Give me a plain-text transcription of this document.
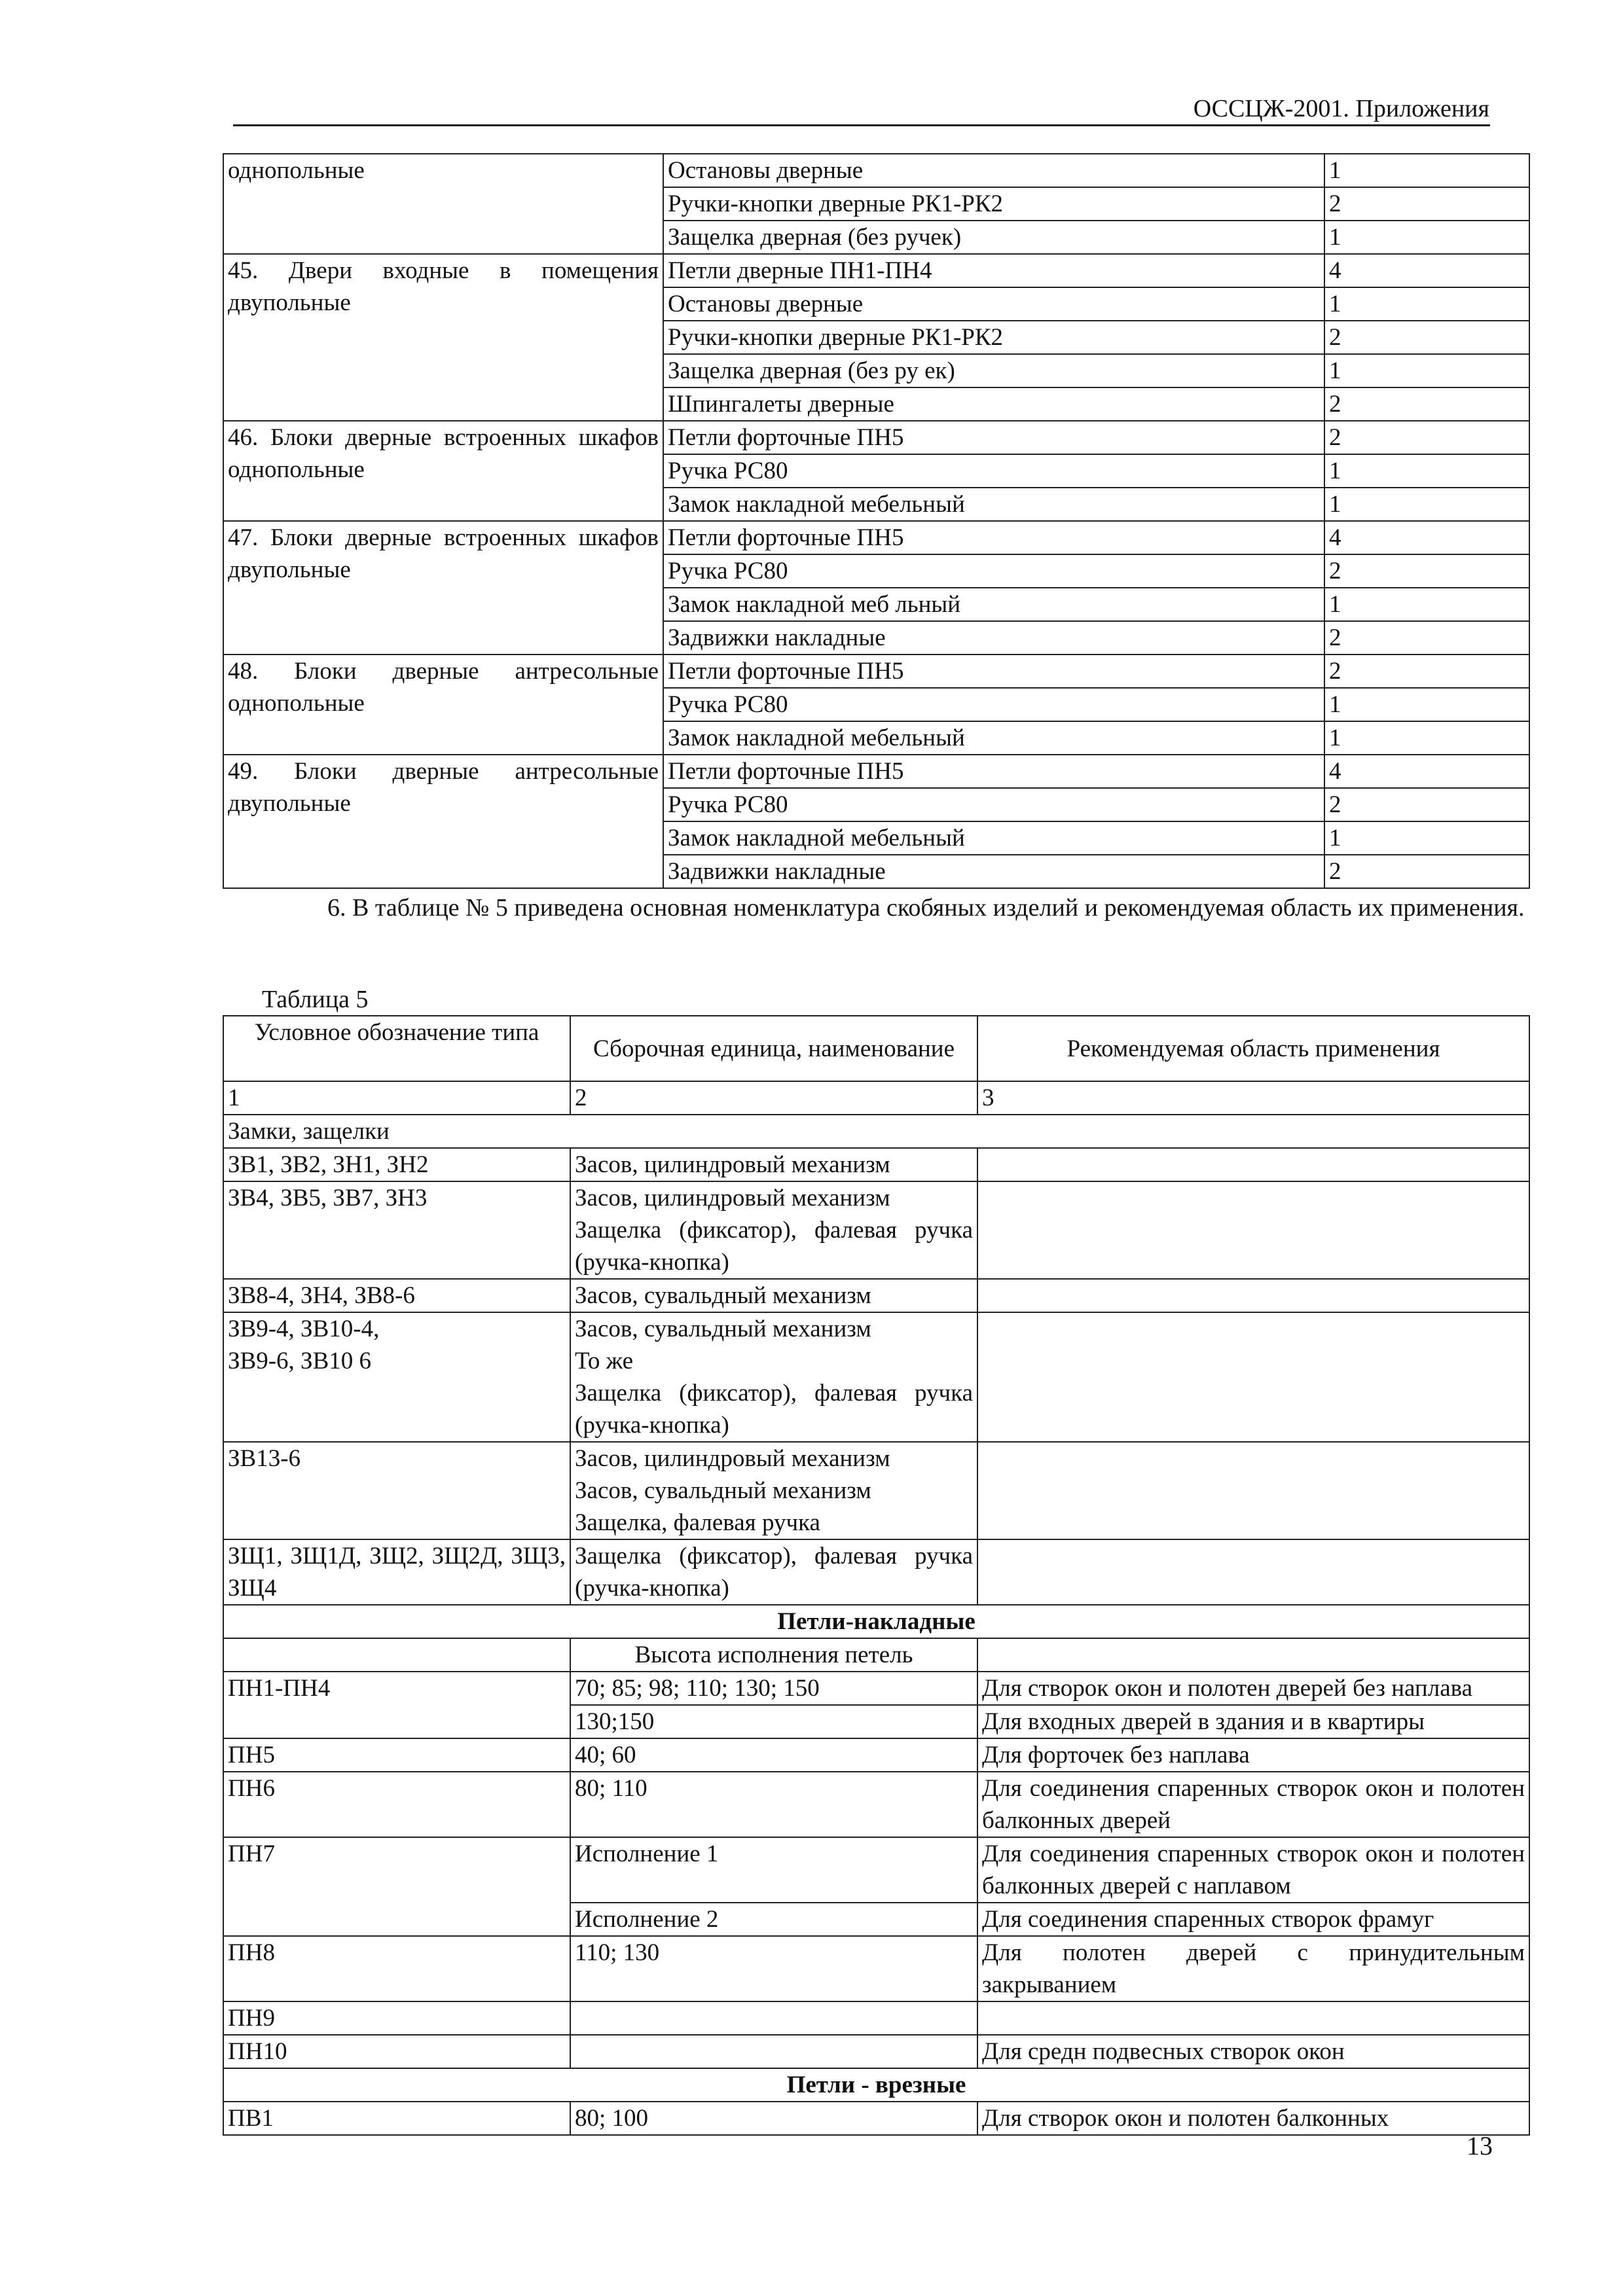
ОССЦЖ-2001. Приложения
однопольные	Остановы дверные	1
	Ручки-кнопки дверные РК1-РК2	2
	Защелка дверная (без ручек)	1
45. Двери входные в помещения двупольные	Петли дверные ПН1-ПН4	4
	Остановы дверные	1
	Ручки-кнопки дверные РК1-РК2	2
	Защелка дверная (без ру ек)	1
	Шпингалеты дверные	2
46. Блоки дверные встроенных шкафов однопольные	Петли форточные ПН5	2
	Ручка РС80	1
	Замок накладной мебельный	1
47. Блоки дверные встроенных шкафов двупольные	Петли форточные ПН5	4
	Ручка РС80	2
	Замок накладной меб льный	1
	Задвижки накладные	2
48. Блоки дверные антресольные однопольные	Петли форточные ПН5	2
	Ручка РС80	1
	Замок накладной мебельный	1
49. Блоки дверные антресольные двупольные	Петли форточные ПН5	4
	Ручка РС80	2
	Замок накладной мебельный	1
	Задвижки накладные	2
6. В таблице № 5 приведена основная номенклатура скобяных изделий и рекомендуемая область их применения.
Таблица 5
Условное обозначение типа	Сборочная единица, наименование	Рекомендуемая область применения
1	2	3
Замки, защелки		
ЗВ1, ЗВ2, ЗН1, ЗН2	Засов, цилиндровый механизм	
ЗВ4, ЗВ5, ЗВ7, ЗН3	Засов, цилиндровый механизм
Защелка (фиксатор), фалевая ручка (ручка-кнопка)	
ЗВ8-4, ЗН4, ЗВ8-6	Засов, сувальдный механизм	
ЗВ9-4, ЗВ10-4,
ЗВ9-6, ЗВ10 6	Засов, сувальдный механизм
То же
Защелка (фиксатор), фалевая ручка (ручка-кнопка)	
ЗВ13-6	Засов, цилиндровый механизм
Засов, сувальдный механизм
Защелка, фалевая ручка	
ЗЩ1, ЗЩ1Д, ЗЩ2, ЗЩ2Д, ЗЩ3, ЗЩ4	Защелка (фиксатор), фалевая ручка (ручка-кнопка)	
Петли-накладные		
	Высота исполнения петель	
ПН1-ПН4	70; 85; 98; 110; 130; 150	Для створок окон и полотен дверей без наплава
	130;150	Для входных дверей в здания и в квартиры
ПН5	40; 60	Для форточек без наплава
ПН6	80; 110	Для соединения спаренных створок окон и полотен балконных дверей
ПН7	Исполнение 1	Для соединения спаренных створок окон и полотен балконных дверей с наплавом
	Исполнение 2	Для соединения спаренных створок фрамуг
ПН8	110; 130	Для полотен дверей с принудительным закрыванием
ПН9		
ПН10		Для средн подвесных створок окон
Петли - врезные		
ПВ1	80; 100	Для створок окон и полотен балконных
13
